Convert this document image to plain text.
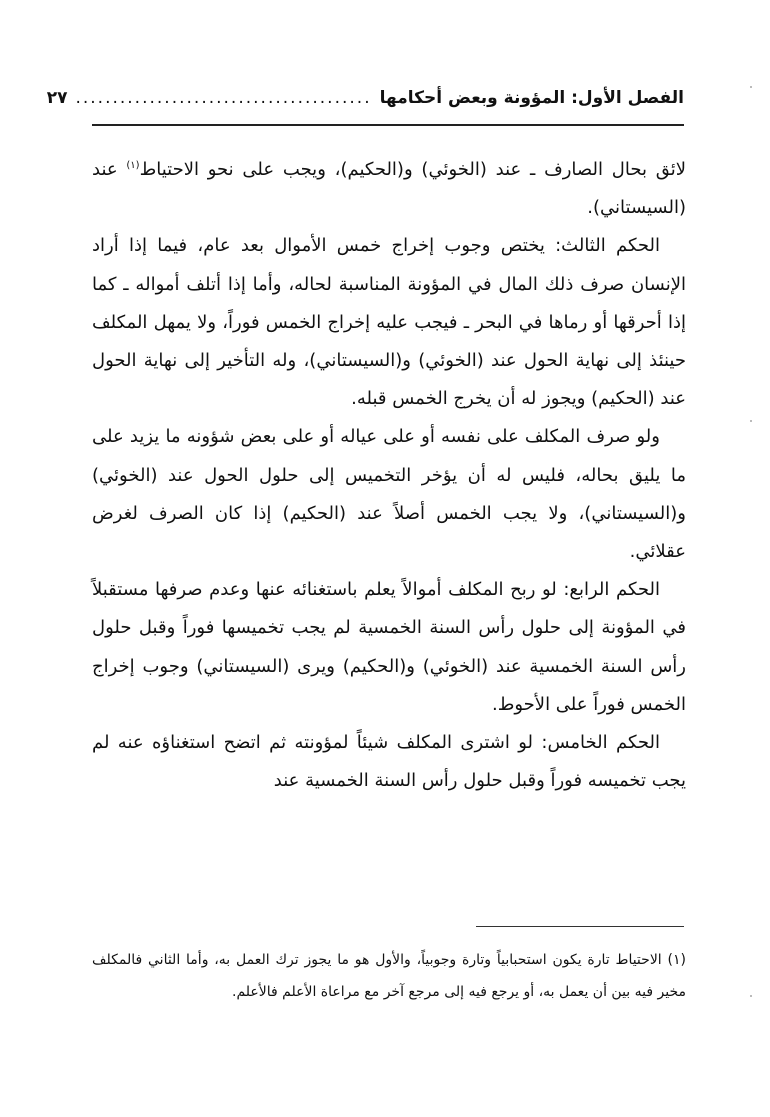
الفصل الأول: المؤونة وبعض أحكامها
........................................
٢٧

لائق بحال الصارف ـ عند (الخوئي) و(الحكيم)، ويجب على نحو الاحتياط$^{(١)}$ عند (السيستاني).

الحكم الثالث: يختص وجوب إخراج خمس الأموال بعد عام، فيما إذا أراد الإنسان صرف ذلك المال في المؤونة المناسبة لحاله، وأما إذا أتلف أمواله ـ كما إذا أحرقها أو رماها في البحر ـ فيجب عليه إخراج الخمس فوراً، ولا يمهل المكلف حينئذ إلى نهاية الحول عند (الخوئي) و(السيستاني)، وله التأخير إلى نهاية الحول عند (الحكيم) ويجوز له أن يخرج الخمس قبله.

ولو صرف المكلف على نفسه أو على عياله أو على بعض شؤونه ما يزيد على ما يليق بحاله، فليس له أن يؤخر التخميس إلى حلول الحول عند (الخوئي) و(السيستاني)، ولا يجب الخمس أصلاً عند (الحكيم) إذا كان الصرف لغرض عقلائي.

الحكم الرابع: لو ربح المكلف أموالاً يعلم باستغنائه عنها وعدم صرفها مستقبلاً في المؤونة إلى حلول رأس السنة الخمسية لم يجب تخميسها فوراً وقبل حلول رأس السنة الخمسية عند (الخوئي) و(الحكيم) ويرى (السيستاني) وجوب إخراج الخمس فوراً على الأحوط.

الحكم الخامس: لو اشترى المكلف شيئاً لمؤونته ثم اتضح استغناؤه عنه لم يجب تخميسه فوراً وقبل حلول رأس السنة الخمسية عند

(١) الاحتياط تارة يكون استحبابياً وتارة وجوبياً، والأول هو ما يجوز ترك العمل به، وأما الثاني فالمكلف مخير فيه بين أن يعمل به، أو يرجع فيه إلى مرجع آخر مع مراعاة الأعلم فالأعلم.
